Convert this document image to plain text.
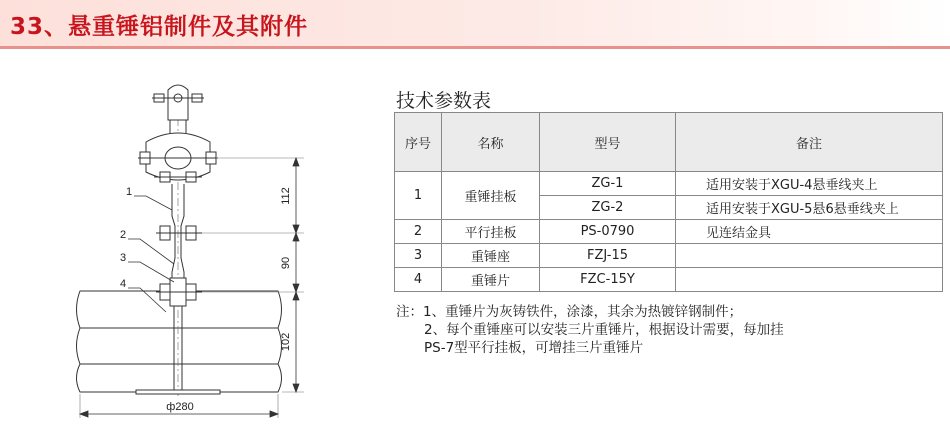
33、悬重锤铝制件及其附件
1
2
3
4
112
90
102
ф280
技术参数表
序号	名称	型号	备注
1	重锤挂板	ZG-1	适用安装于XGU-4悬垂线夹上
		ZG-2	适用安装于XGU-5悬6悬垂线夹上
2	平行挂板	PS-0790	见连结金具
3	重锤座	FZJ-15	
4	重锤片	FZC-15Y	
注：1、重锤片为灰铸铁件，涂漆，其余为热镀锌钢制件；
2、每个重锤座可以安装三片重锤片，根据设计需要，每加挂
PS-7型平行挂板，可增挂三片重锤片
